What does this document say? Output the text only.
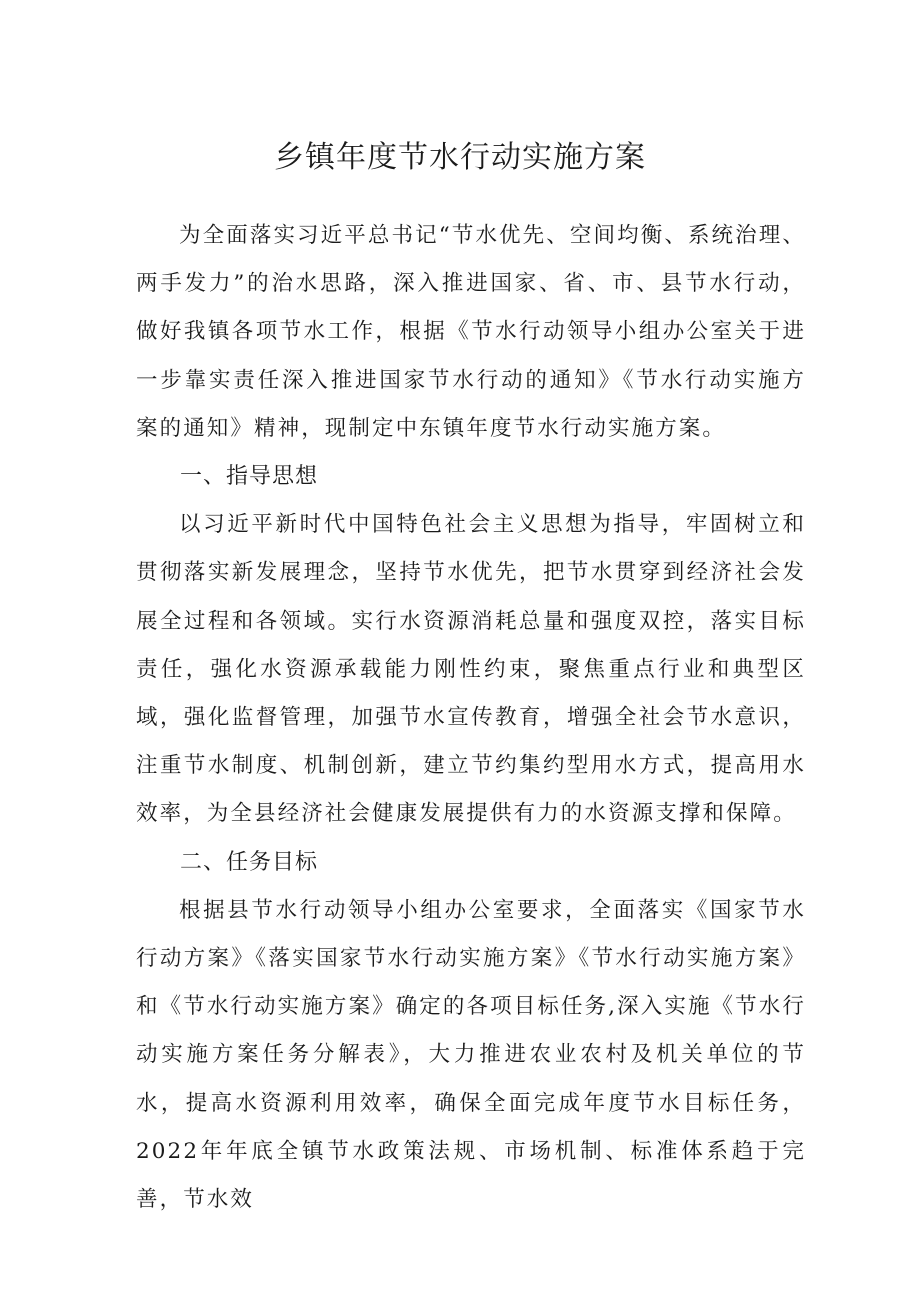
乡镇年度节水行动实施方案

为全面落实习近平总书记“节水优先、空间均衡、系统治理、两手发力”的治水思路，深入推进国家、省、市、县节水行动，做好我镇各项节水工作，根据《节水行动领导小组办公室关于进一步靠实责任深入推进国家节水行动的通知》《节水行动实施方案的通知》精神，现制定中东镇年度节水行动实施方案。

一、指导思想

以习近平新时代中国特色社会主义思想为指导，牢固树立和贯彻落实新发展理念，坚持节水优先，把节水贯穿到经济社会发展全过程和各领域。实行水资源消耗总量和强度双控，落实目标责任，强化水资源承载能力刚性约束，聚焦重点行业和典型区域，强化监督管理，加强节水宣传教育，增强全社会节水意识，注重节水制度、机制创新，建立节约集约型用水方式，提高用水效率，为全县经济社会健康发展提供有力的水资源支撑和保障。

二、任务目标

根据县节水行动领导小组办公室要求，全面落实《国家节水行动方案》《落实国家节水行动实施方案》《节水行动实施方案》和《节水行动实施方案》确定的各项目标任务,深入实施《节水行动实施方案任务分解表》，大力推进农业农村及机关单位的节水，提高水资源利用效率，确保全面完成年度节水目标任务，2022年年底全镇节水政策法规、市场机制、标准体系趋于完善，节水效
